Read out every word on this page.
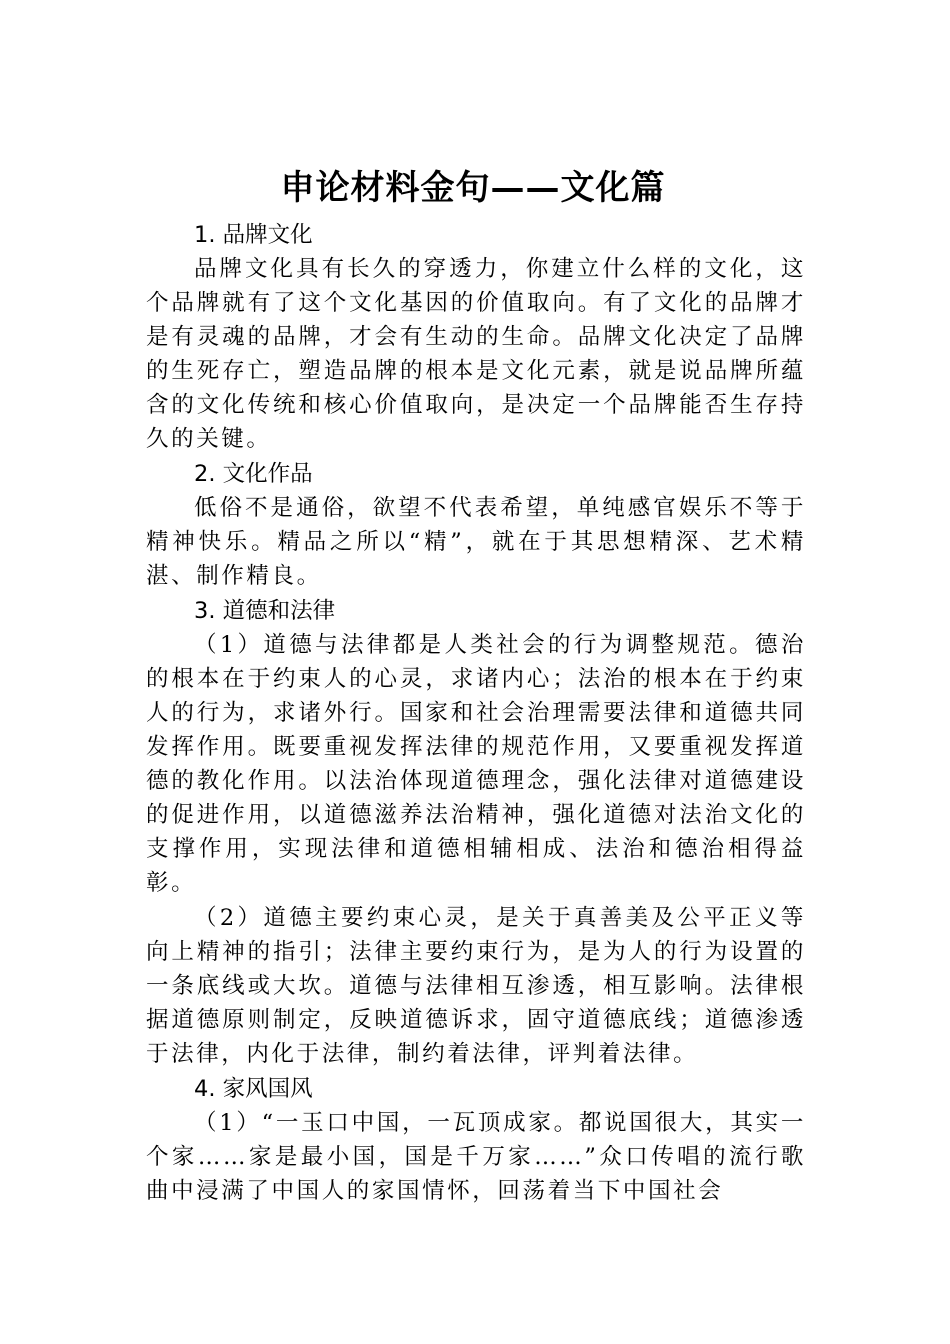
申论材料金句——文化篇

1. 品牌文化

品牌文化具有长久的穿透力，你建立什么样的文化，这个品牌就有了这个文化基因的价值取向。有了文化的品牌才是有灵魂的品牌，才会有生动的生命。品牌文化决定了品牌的生死存亡，塑造品牌的根本是文化元素，就是说品牌所蕴含的文化传统和核心价值取向，是决定一个品牌能否生存持久的关键。

2. 文化作品

低俗不是通俗，欲望不代表希望，单纯感官娱乐不等于精神快乐。精品之所以“精”，就在于其思想精深、艺术精湛、制作精良。

3. 道德和法律

（1）道德与法律都是人类社会的行为调整规范。德治的根本在于约束人的心灵，求诸内心；法治的根本在于约束人的行为，求诸外行。国家和社会治理需要法律和道德共同发挥作用。既要重视发挥法律的规范作用，又要重视发挥道德的教化作用。以法治体现道德理念，强化法律对道德建设的促进作用，以道德滋养法治精神，强化道德对法治文化的支撑作用，实现法律和道德相辅相成、法治和德治相得益彰。

（2）道德主要约束心灵，是关于真善美及公平正义等向上精神的指引；法律主要约束行为，是为人的行为设置的一条底线或大坎。道德与法律相互渗透，相互影响。法律根据道德原则制定，反映道德诉求，固守道德底线；道德渗透于法律，内化于法律，制约着法律，评判着法律。

4. 家风国风

（1）“一玉口中国，一瓦顶成家。都说国很大，其实一个家……家是最小国，国是千万家……”众口传唱的流行歌曲中浸满了中国人的家国情怀，回荡着当下中国社会
